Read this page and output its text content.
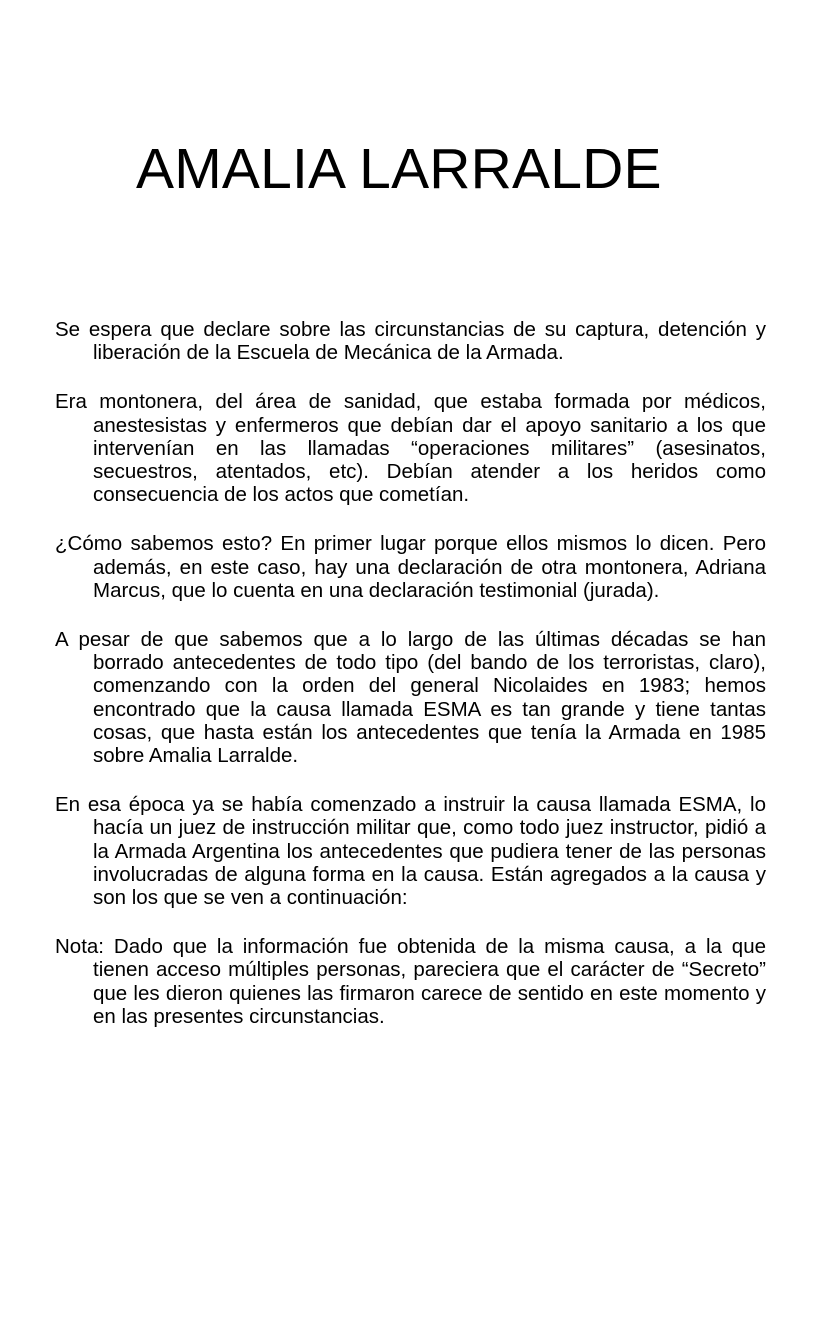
AMALIA LARRALDE

Se espera que declare sobre las circunstancias de su captura, detención y liberación de la Escuela de Mecánica de la Armada.

Era montonera, del área de sanidad, que estaba formada por médicos, anestesistas y enfermeros que debían dar el apoyo sanitario a los que intervenían en las llamadas “operaciones militares” (asesinatos, secuestros, atentados, etc). Debían atender a los heridos como consecuencia de los actos que cometían.

¿Cómo sabemos esto? En primer lugar porque ellos mismos lo dicen. Pero además, en este caso, hay una declaración de otra montonera, Adriana Marcus, que lo cuenta en una declaración testimonial (jurada).

A pesar de que sabemos que a lo largo de las últimas décadas se han borrado antecedentes de todo tipo (del bando de los terroristas, claro), comenzando con la orden del general Nicolaides en 1983; hemos encontrado que la causa llamada ESMA es tan grande y tiene tantas cosas, que hasta están los antecedentes que tenía la Armada en 1985 sobre Amalia Larralde.

En esa época ya se había comenzado a instruir la causa llamada ESMA, lo hacía un juez de instrucción militar que, como todo juez instructor, pidió a la Armada Argentina los antecedentes que pudiera tener de las personas involucradas de alguna forma en la causa. Están agregados a la causa y son los que se ven a continuación:

Nota: Dado que la información fue obtenida de la misma causa, a la que tienen acceso múltiples personas, pareciera que el carácter de “Secreto” que les dieron quienes las firmaron carece de sentido en este momento y en las presentes circunstancias.
